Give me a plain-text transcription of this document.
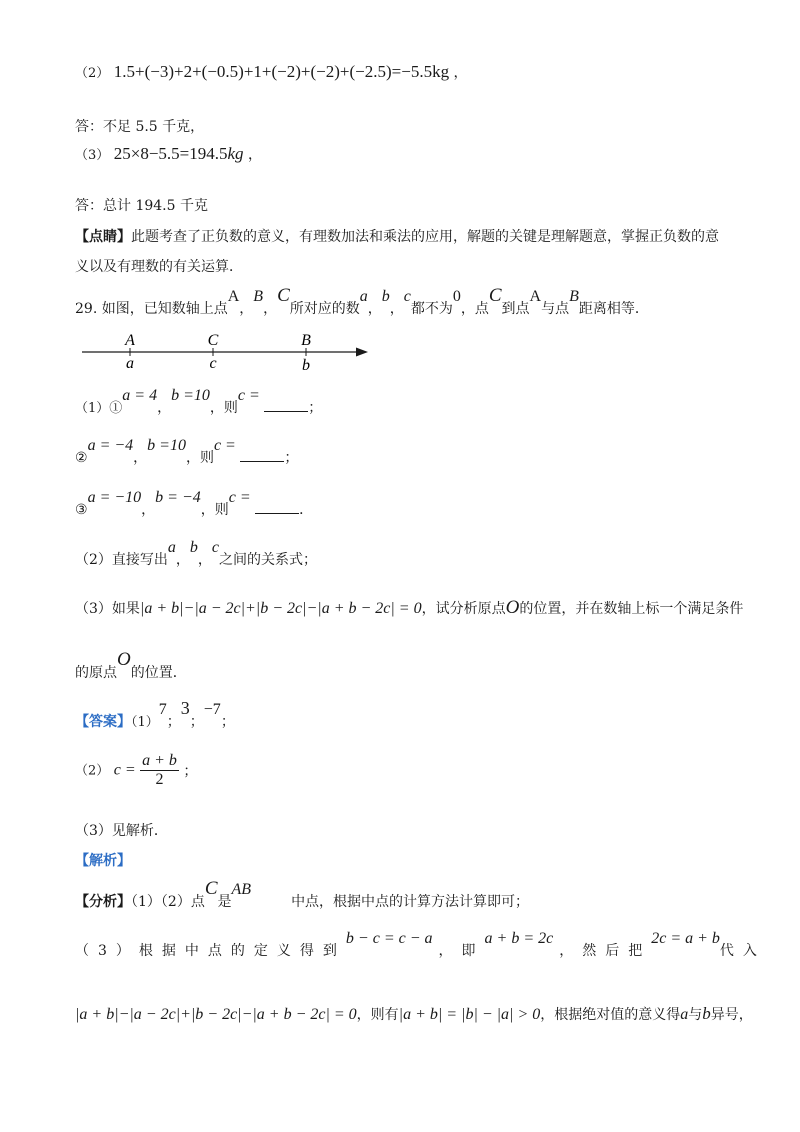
（2） 1.5+(−3)+2+(−0.5)+1+(−2)+(−2)+(−2.5)=−5.5kg ，
答：不足 5.5 千克，
（3） 25×8−5.5=194.5kg ，
答：总计 194.5 千克
【点睛】此题考查了正负数的意义，有理数加法和乘法的应用，解题的关键是理解题意，掌握正负数的意
义以及有理数的有关运算．
29. 如图，已知数轴上点A，B，C所对应的数a，b，c都不为0，点C到点A与点B距离相等．
A	C	B
a	c	b
（1）①a = 4，b =10，则c = ；
②a = −4，b =10，则c = ；
③a = −10，b = −4，则c = ．
（2）直接写出a，b，c之间的关系式；
（3）如果|a + b|−|a − 2c|+|b − 2c|−|a + b − 2c| = 0，试分析原点O的位置，并在数轴上标一个满足条件
的原点O的位置．
【答案】（1）7；3；−7；
（2） $c = \frac{a + b}{2}$ ；
（3）见解析．
【解析】
【分析】（1）（2）点C是AB中点，根据中点的计算方法计算即可；
（3）根据中点的定义得到b − c = c − a，即a + b = 2c，然后把2c = a + b代入
|a + b|−|a − 2c|+|b − 2c|−|a + b − 2c| = 0，则有|a + b| = |b| − |a| > 0，根据绝对值的意义得a与b异号，
